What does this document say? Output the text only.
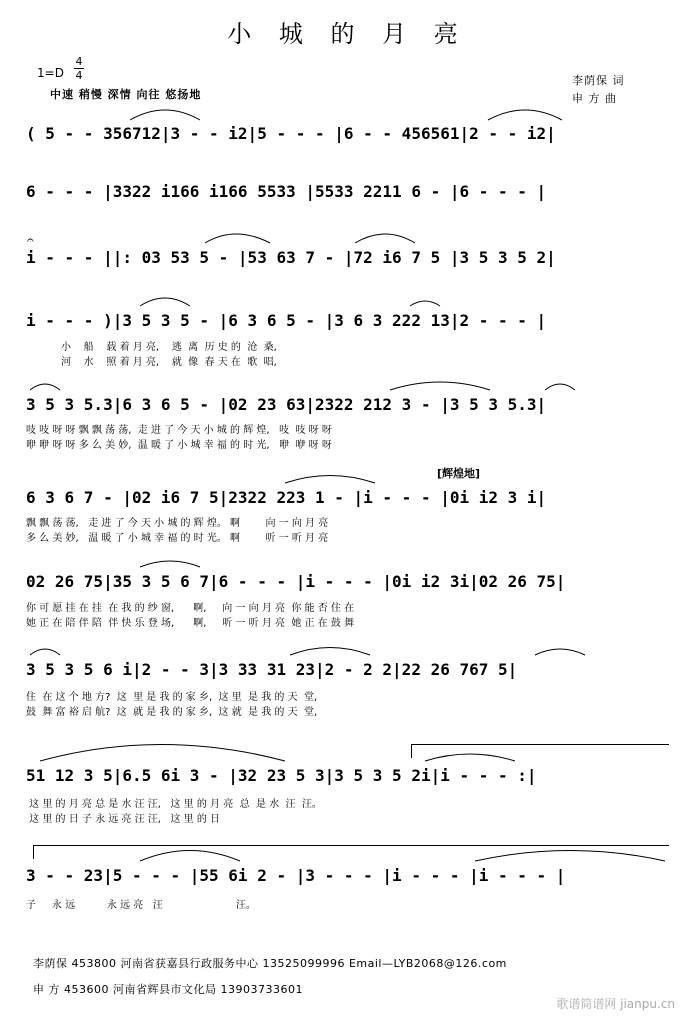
小 城 的 月 亮
1=D
4
4
中速 稍慢 深情 向往 悠扬地
李荫保 词
申 方 曲
( 5 - - 356712|3 - - i2|5 - - - |6 - - 456561|2 - - i2|
6 - - - |3322 i166 i166 5533 |5533 2211 6 - |6 - - - |
𝄐
i - - - ||: 03 53 5 - |53 63 7 - |72 i6 7 5 |3 5 3 5 2|
i - - - )|3 5 3 5 - |6 3 6 5 - |3 6 3 222 13|2 - - - |
小    船    载 着 月 亮,    逃  离  历 史 的  沧  桑,
河    水    照 着 月 亮,    就  像  春 天 在  歌  唱,
3 5 3 5.3|6 3 6 5 - |02 23 63|2322 212 3 - |3 5 3 5.3|
吱 吱 呀 呀 飘 飘 荡 荡,  走 进 了 今 天 小 城 的 辉 煌,   吱  吱 呀 呀
咿 咿 呀 呀 多 么 美 妙,  温 暖 了 小 城 幸 福 的 时 光,   咿  咿 呀 呀
[辉煌地]
6 3 6 7 - |02 i6 7 5|2322 223 1 - |i - - - |0i i2 3 i|
飘 飘 荡 荡,   走 进 了 今 天 小 城 的 辉 煌。 啊        向 一 向 月 亮
多 么 美 妙,   温 暖 了 小 城 幸 福 的 时 光。 啊        听 一 听 月 亮
02 26 75|35 3 5 6 7|6 - - - |i - - - |0i i2 3i|02 26 75|
你 可 愿 挂 在 挂  在 我 的 纱 窗,      啊,     向 一 向 月 亮  你 能 否 住 在
她 正 在 陪 伴 陪  伴 快 乐 登 场,      啊,     听 一 听 月 亮  她 正 在 鼓 舞
3 5 3 5 6 i|2 - - 3|3 33 31 23|2 - 2 2|22 26 767 5|
住  在 这 个 地 方?  这  里 是 我 的 家 乡,  这 里  是 我 的 天  堂,
鼓  舞 富 裕 启 航?  这  就 是 我 的 家 乡,  这 就  是 我 的 天  堂,
51 12 3 5|6.5 6i 3 - |32 23 5 3|3 5 3 5 2i|i - - - :|
这 里 的 月 亮 总 是 水 汪 汪,   这 里 的 月 亮  总  是 水  汪  汪。
这 里 的 日 子 永 远 亮 汪 汪,   这 里 的 日
3 - - 23|5 - - - |55 6i 2 - |3 - - - |i - - - |i - - - |
子     永 远          永 远 亮   汪                       汪。
李荫保 453800 河南省获嘉县行政服务中心 13525099996 Email—LYB2068@126.com
申 方 453600 河南省辉县市文化局 13903733601
歌谱简谱网 jianpu.cn
